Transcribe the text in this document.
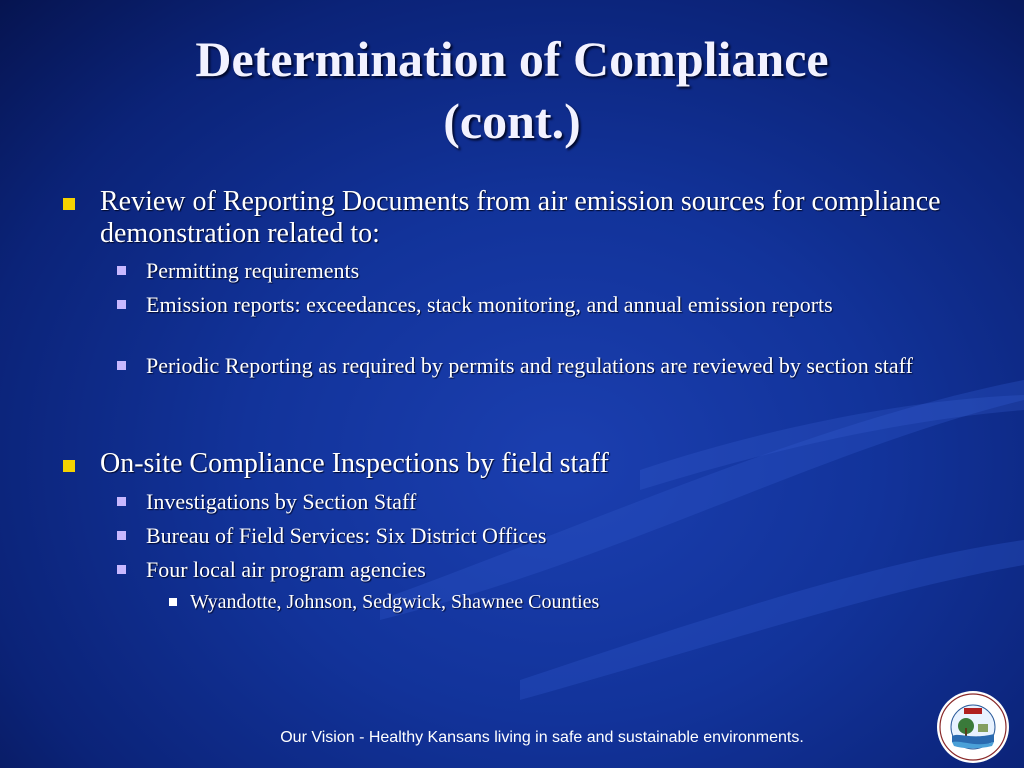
Determination of Compliance
(cont.)
Review of Reporting Documents from air emission sources for compliance demonstration related to:
Permitting requirements
Emission reports: exceedances, stack monitoring, and annual emission reports
Periodic Reporting as required by permits and regulations are reviewed by section staff
On-site Compliance Inspections by field staff
Investigations by Section Staff
Bureau of Field Services: Six District Offices
Four local air program agencies
Wyandotte, Johnson, Sedgwick, Shawnee Counties
Our Vision - Healthy Kansans living in safe and sustainable environments.
